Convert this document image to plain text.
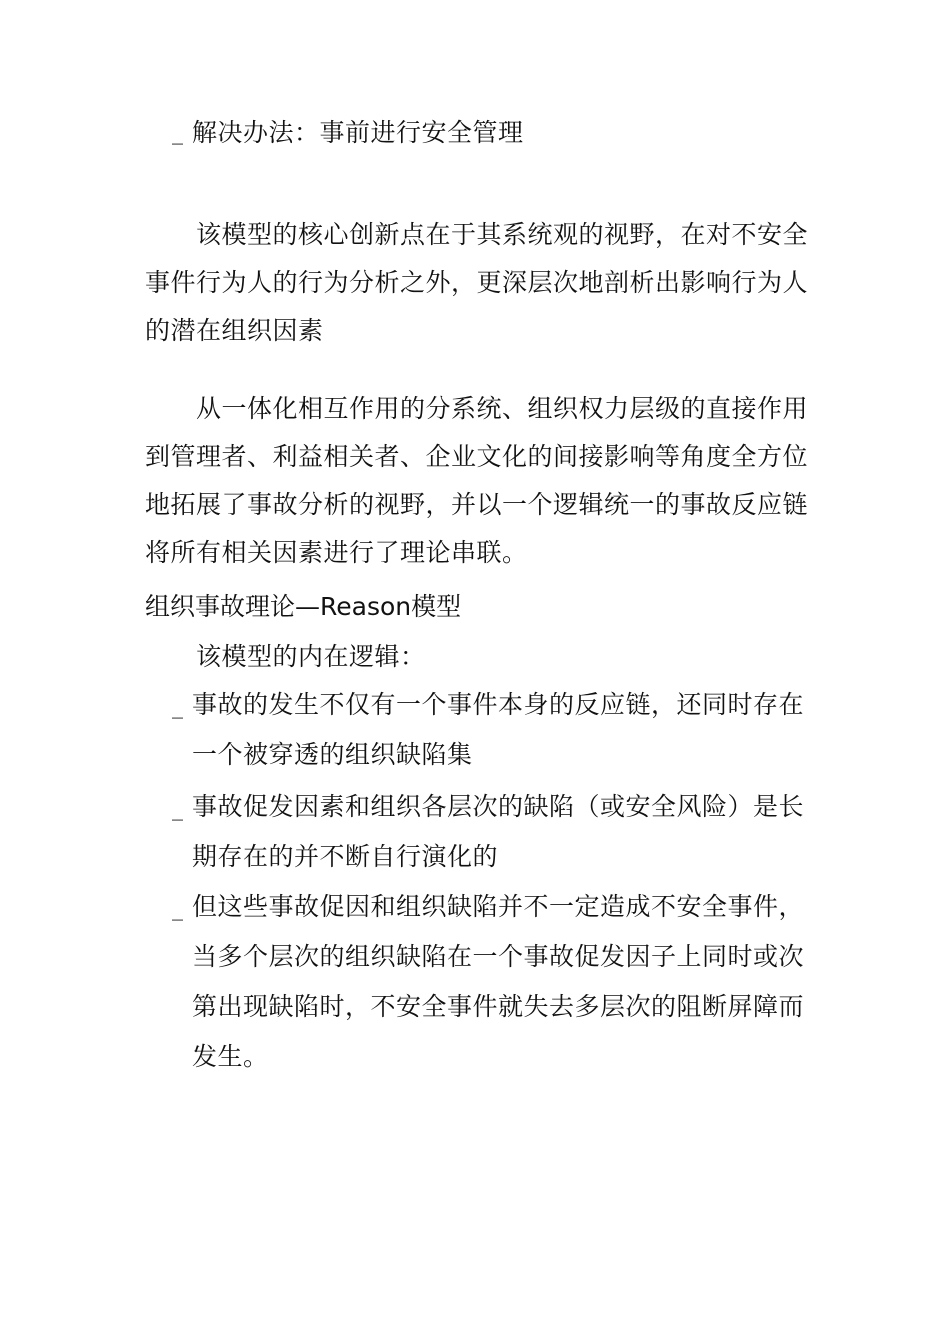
_ 解决办法：事前进行安全管理
该模型的核心创新点在于其系统观的视野，在对不安全
事件行为人的行为分析之外，更深层次地剖析出影响行为人
的潜在组织因素
从一体化相互作用的分系统、组织权力层级的直接作用
到管理者、利益相关者、企业文化的间接影响等角度全方位
地拓展了事故分析的视野，并以一个逻辑统一的事故反应链
将所有相关因素进行了理论串联。
组织事故理论—Reason模型
该模型的内在逻辑：
_ 事故的发生不仅有一个事件本身的反应链，还同时存在
一个被穿透的组织缺陷集
_ 事故促发因素和组织各层次的缺陷（或安全风险）是长
期存在的并不断自行演化的
_ 但这些事故促因和组织缺陷并不一定造成不安全事件，
当多个层次的组织缺陷在一个事故促发因子上同时或次
第出现缺陷时，不安全事件就失去多层次的阻断屏障而
发生。
